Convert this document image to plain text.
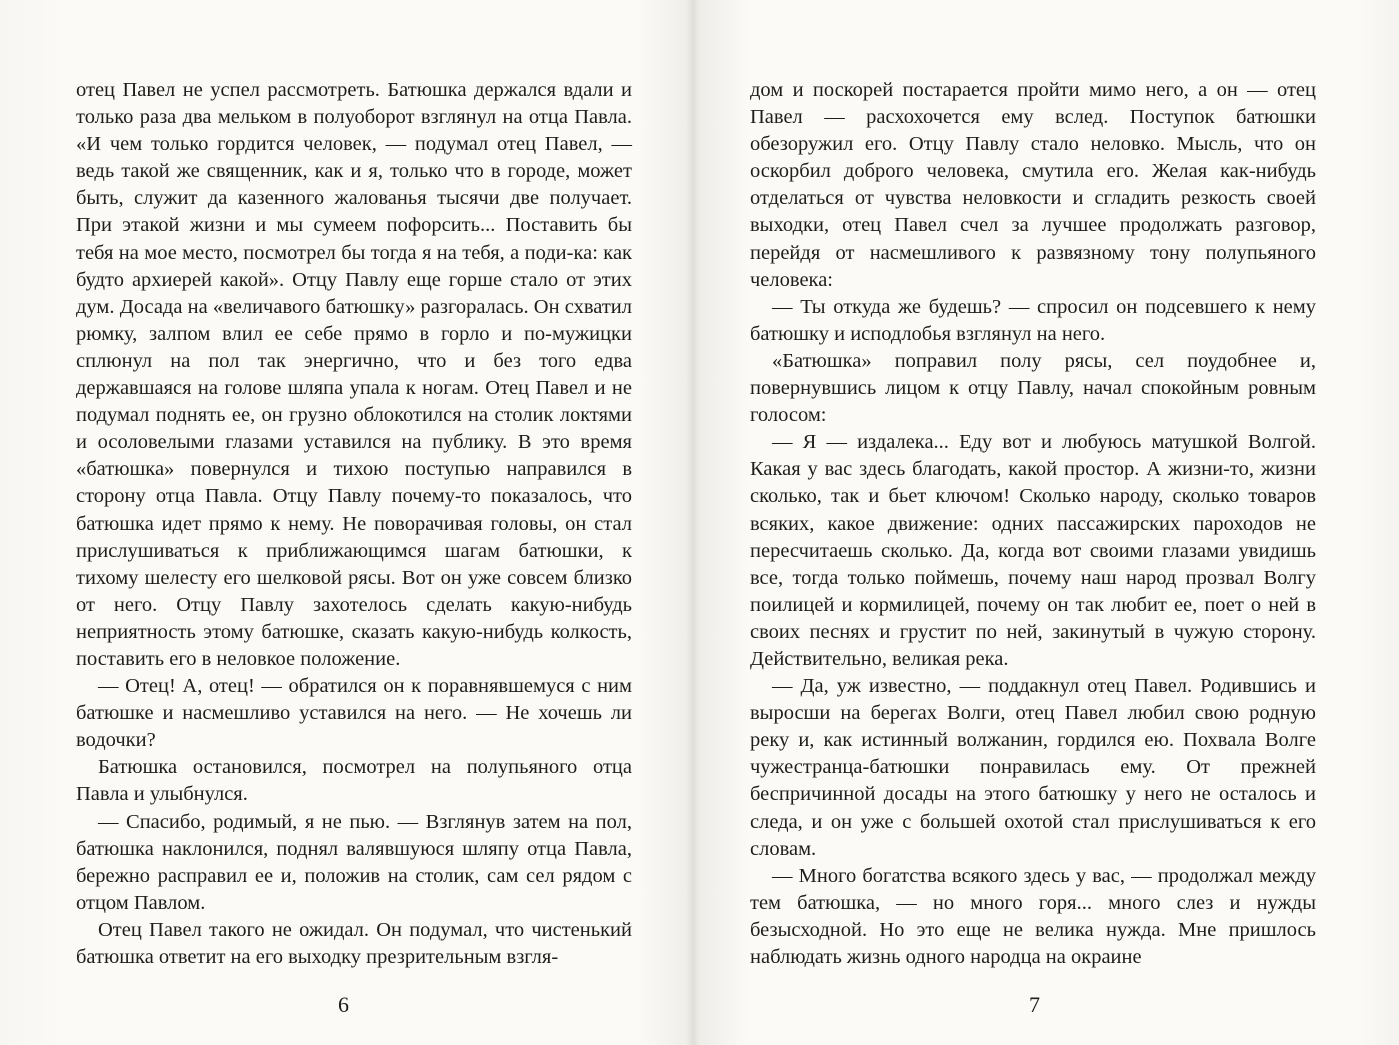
отец Павел не успел рассмотреть. Батюшка держался вдали и только раза два мельком в полуоборот взглянул на отца Павла. «И чем только гордится человек, — подумал отец Павел, — ведь такой же священник, как и я, только что в городе, может быть, служит да казенного жалованья тысячи две получает. При этакой жизни и мы сумеем пофорсить... Поставить бы тебя на мое место, посмотрел бы тогда я на тебя, а поди-ка: как будто архиерей какой». Отцу Павлу еще горше стало от этих дум. Досада на «величавого батюшку» разгоралась. Он схватил рюмку, залпом влил ее себе прямо в горло и по-мужицки сплюнул на пол так энергично, что и без того едва державшаяся на голове шляпа упала к ногам. Отец Павел и не подумал поднять ее, он грузно облокотился на столик локтями и осоловелыми глазами уставился на публику. В это время «батюшка» повернулся и тихою поступью направился в сторону отца Павла. Отцу Павлу почему-то показалось, что батюшка идет прямо к нему. Не поворачивая головы, он стал прислушиваться к приближающимся шагам батюшки, к тихому шелесту его шелковой рясы. Вот он уже совсем близко от него. Отцу Павлу захотелось сделать какую-нибудь неприятность этому батюшке, сказать какую-нибудь колкость, поставить его в неловкое положение.

— Отец! А, отец! — обратился он к поравнявшемуся с ним батюшке и насмешливо уставился на него. — Не хочешь ли водочки?

Батюшка остановился, посмотрел на полупьяного отца Павла и улыбнулся.

— Спасибо, родимый, я не пью. — Взглянув затем на пол, батюшка наклонился, поднял валявшуюся шляпу отца Павла, бережно расправил ее и, положив на столик, сам сел рядом с отцом Павлом.

Отец Павел такого не ожидал. Он подумал, что чистенький батюшка ответит на его выходку презрительным взгля-

6

дом и поскорей постарается пройти мимо него, а он — отец Павел — расхохочется ему вслед. Поступок батюшки обезоружил его. Отцу Павлу стало неловко. Мысль, что он оскорбил доброго человека, смутила его. Желая как-нибудь отделаться от чувства неловкости и сгладить резкость своей выходки, отец Павел счел за лучшее продолжать разговор, перейдя от насмешливого к развязному тону полупьяного человека:

— Ты откуда же будешь? — спросил он подсевшего к нему батюшку и исподлобья взглянул на него.

«Батюшка» поправил полу рясы, сел поудобнее и, повернувшись лицом к отцу Павлу, начал спокойным ровным голосом:

— Я — издалека... Еду вот и любуюсь матушкой Волгой. Какая у вас здесь благодать, какой простор. А жизни-то, жизни сколько, так и бьет ключом! Сколько народу, сколько товаров всяких, какое движение: одних пассажирских пароходов не пересчитаешь сколько. Да, когда вот своими глазами увидишь все, тогда только поймешь, почему наш народ прозвал Волгу поилицей и кормилицей, почему он так любит ее, поет о ней в своих песнях и грустит по ней, закинутый в чужую сторону. Действительно, великая река.

— Да, уж известно, — поддакнул отец Павел. Родившись и выросши на берегах Волги, отец Павел любил свою родную реку и, как истинный волжанин, гордился ею. Похвала Волге чужестранца-батюшки понравилась ему. От прежней беспричинной досады на этого батюшку у него не осталось и следа, и он уже с большей охотой стал прислушиваться к его словам.

— Много богатства всякого здесь у вас, — продолжал между тем батюшка, — но много горя... много слез и нужды безысходной. Но это еще не велика нужда. Мне пришлось наблюдать жизнь одного народца на окраине

7
